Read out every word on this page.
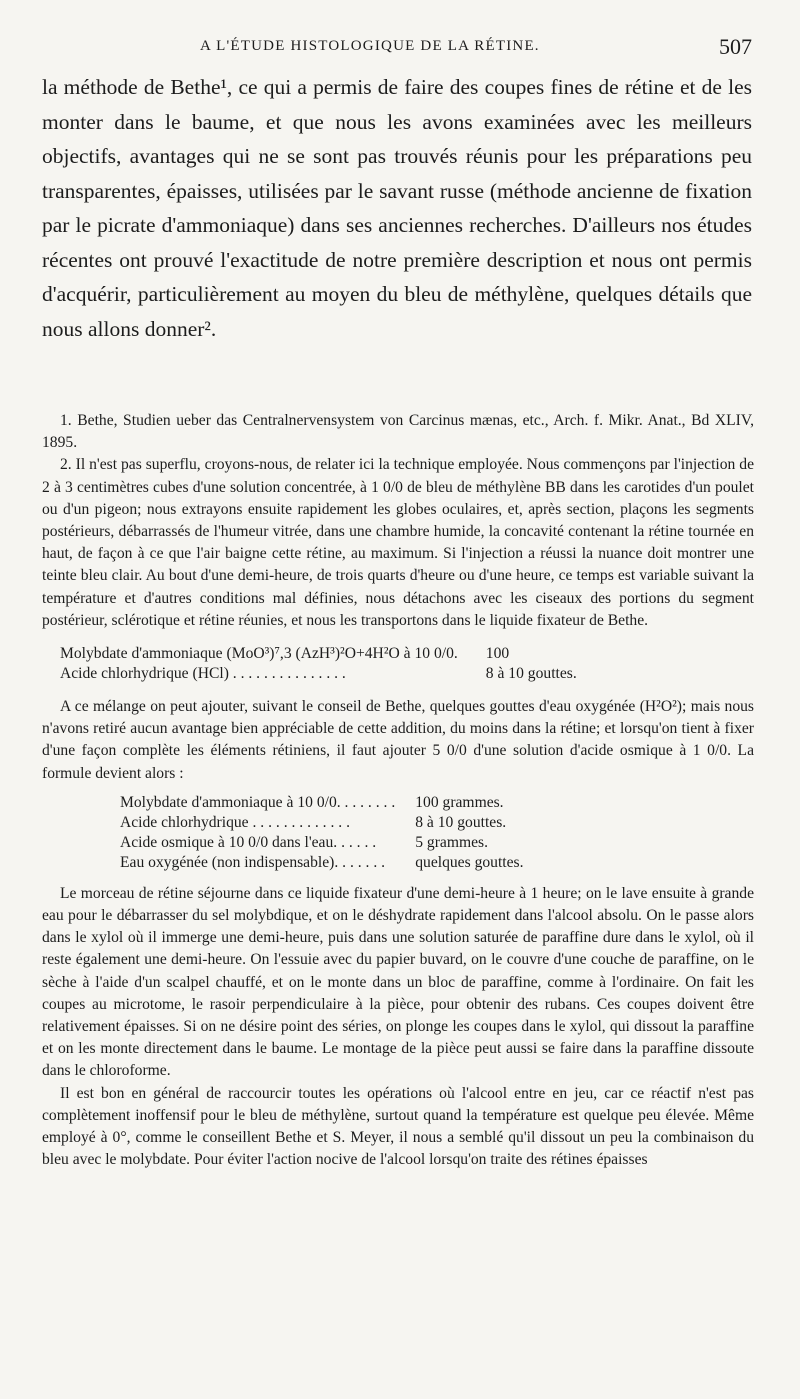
A L'ÉTUDE HISTOLOGIQUE DE LA RÉTINE.	507

la méthode de Bethe¹, ce qui a permis de faire des coupes fines de rétine et de les monter dans le baume, et que nous les avons examinées avec les meilleurs objectifs, avantages qui ne se sont pas trouvés réunis pour les préparations peu transparentes, épaisses, utilisées par le savant russe (méthode ancienne de fixation par le picrate d'ammoniaque) dans ses anciennes recherches. D'ailleurs nos études récentes ont prouvé l'exactitude de notre première description et nous ont permis d'acquérir, particulièrement au moyen du bleu de méthylène, quelques détails que nous allons donner².

1. Bethe, Studien ueber das Centralnervensystem von Carcinus mænas, etc., Arch. f. Mikr. Anat., Bd XLIV, 1895.

2. Il n'est pas superflu, croyons-nous, de relater ici la technique employée. Nous commençons par l'injection de 2 à 3 centimètres cubes d'une solution concentrée, à 1 0/0 de bleu de méthylène BB dans les carotides d'un poulet ou d'un pigeon; nous extrayons ensuite rapidement les globes oculaires, et, après section, plaçons les segments postérieurs, débarrassés de l'humeur vitrée, dans une chambre humide, la concavité contenant la rétine tournée en haut, de façon à ce que l'air baigne cette rétine, au maximum. Si l'injection a réussi la nuance doit montrer une teinte bleu clair. Au bout d'une demi-heure, de trois quarts d'heure ou d'une heure, ce temps est variable suivant la température et d'autres conditions mal définies, nous détachons avec les ciseaux des portions du segment postérieur, sclérotique et rétine réunies, et nous les transportons dans le liquide fixateur de Bethe.

Molybdate d'ammoniaque (MoO³)⁷,3 (AzH³)²O+4H²O à 10 0/0.	100
Acide chlorhydrique (HCl) . . . . . . . . . . . . . . .	8 à 10 gouttes.

A ce mélange on peut ajouter, suivant le conseil de Bethe, quelques gouttes d'eau oxygénée (H²O²); mais nous n'avons retiré aucun avantage bien appréciable de cette addition, du moins dans la rétine; et lorsqu'on tient à fixer d'une façon complète les éléments rétiniens, il faut ajouter 5 0/0 d'une solution d'acide osmique à 1 0/0. La formule devient alors :

Molybdate d'ammoniaque à 10 0/0. . . . . . . .	100 grammes.
Acide chlorhydrique . . . . . . . . . . . . .	8 à 10 gouttes.
Acide osmique à 10 0/0 dans l'eau. . . . . .	5 grammes.
Eau oxygénée (non indispensable). . . . . . .	quelques gouttes.

Le morceau de rétine séjourne dans ce liquide fixateur d'une demi-heure à 1 heure; on le lave ensuite à grande eau pour le débarrasser du sel molybdique, et on le déshydrate rapidement dans l'alcool absolu. On le passe alors dans le xylol où il immerge une demi-heure, puis dans une solution saturée de paraffine dure dans le xylol, où il reste également une demi-heure. On l'essuie avec du papier buvard, on le couvre d'une couche de paraffine, on le sèche à l'aide d'un scalpel chauffé, et on le monte dans un bloc de paraffine, comme à l'ordinaire. On fait les coupes au microtome, le rasoir perpendiculaire à la pièce, pour obtenir des rubans. Ces coupes doivent être relativement épaisses. Si on ne désire point des séries, on plonge les coupes dans le xylol, qui dissout la paraffine et on les monte directement dans le baume. Le montage de la pièce peut aussi se faire dans la paraffine dissoute dans le chloroforme.

Il est bon en général de raccourcir toutes les opérations où l'alcool entre en jeu, car ce réactif n'est pas complètement inoffensif pour le bleu de méthylène, surtout quand la température est quelque peu élevée. Même employé à 0°, comme le conseillent Bethe et S. Meyer, il nous a semblé qu'il dissout un peu la combinaison du bleu avec le molybdate. Pour éviter l'action nocive de l'alcool lorsqu'on traite des rétines épaisses
